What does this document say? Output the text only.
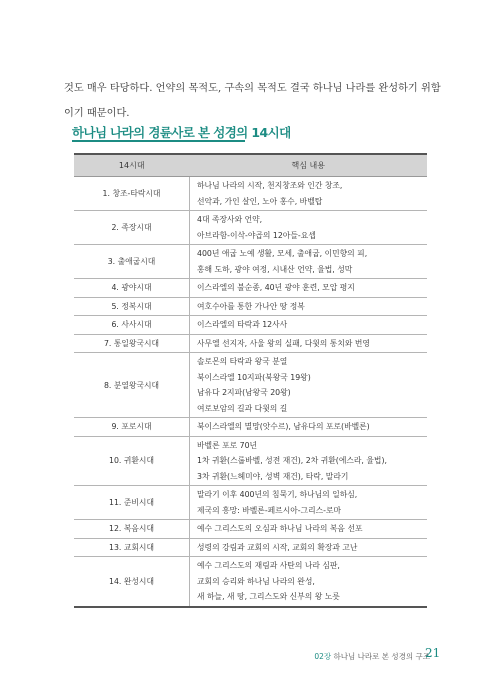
것도 매우 타당하다. 언약의 목적도, 구속의 목적도 결국 하나님 나라를 완성하기 위함이기 때문이다.

하나님 나라의 경륜사로 본 성경의 14시대
14시대	핵심 내용
1. 창조-타락시대	하나님 나라의 시작, 천지창조와 인간 창조,
선악과, 가인 살인, 노아 홍수, 바벨탑

2. 족장시대	4대 족장사와 언약,
아브라함-이삭-야곱의 12아들-요셉

3. 출애굽시대	400년 애굽 노예 생활, 모세, 출애굽, 이민향의 피,
홍해 도하, 광야 여정, 시내산 언약, 율법, 성막

4. 광야시대	이스라엘의 불순종, 40년 광야 훈련, 모압 평지

5. 정복시대	여호수아를 통한 가나안 땅 정복

6. 사사시대	이스라엘의 타락과 12사사

7. 통일왕국시대	사무엘 선지자, 사울 왕의 실패, 다윗의 통치와 번영

8. 분열왕국시대	솔로몬의 타락과 왕국 분열
북이스라엘 10지파(북왕국 19왕)
남유다 2지파(남왕국 20왕)
여로보암의 길과 다윗의 길

9. 포로시대	북이스라엘의 멸망(앗수르), 남유다의 포로(바벨론)

10. 귀환시대	바벨론 포로 70년
1차 귀환(스룹바벨, 성전 재건), 2차 귀환(에스라, 율법),
3차 귀환(느헤미야, 성벽 재건), 타락, 말라기

11. 준비시대	말라기 이후 400년의 침묵기, 하나님의 일하심,
제국의 흥망: 바벨론-페르시아-그리스-로마

12. 복음시대	예수 그리스도의 오심과 하나님 나라의 복음 선포

13. 교회시대	성령의 강림과 교회의 시작, 교회의 확장과 고난

14. 완성시대	예수 그리스도의 재림과 사탄의 나라 심판,
교회의 승리와 하나님 나라의 완성,
새 하늘, 새 땅, 그리스도와 신부의 왕 노릇
02장 하나님 나라로 본 성경의 구조
21
